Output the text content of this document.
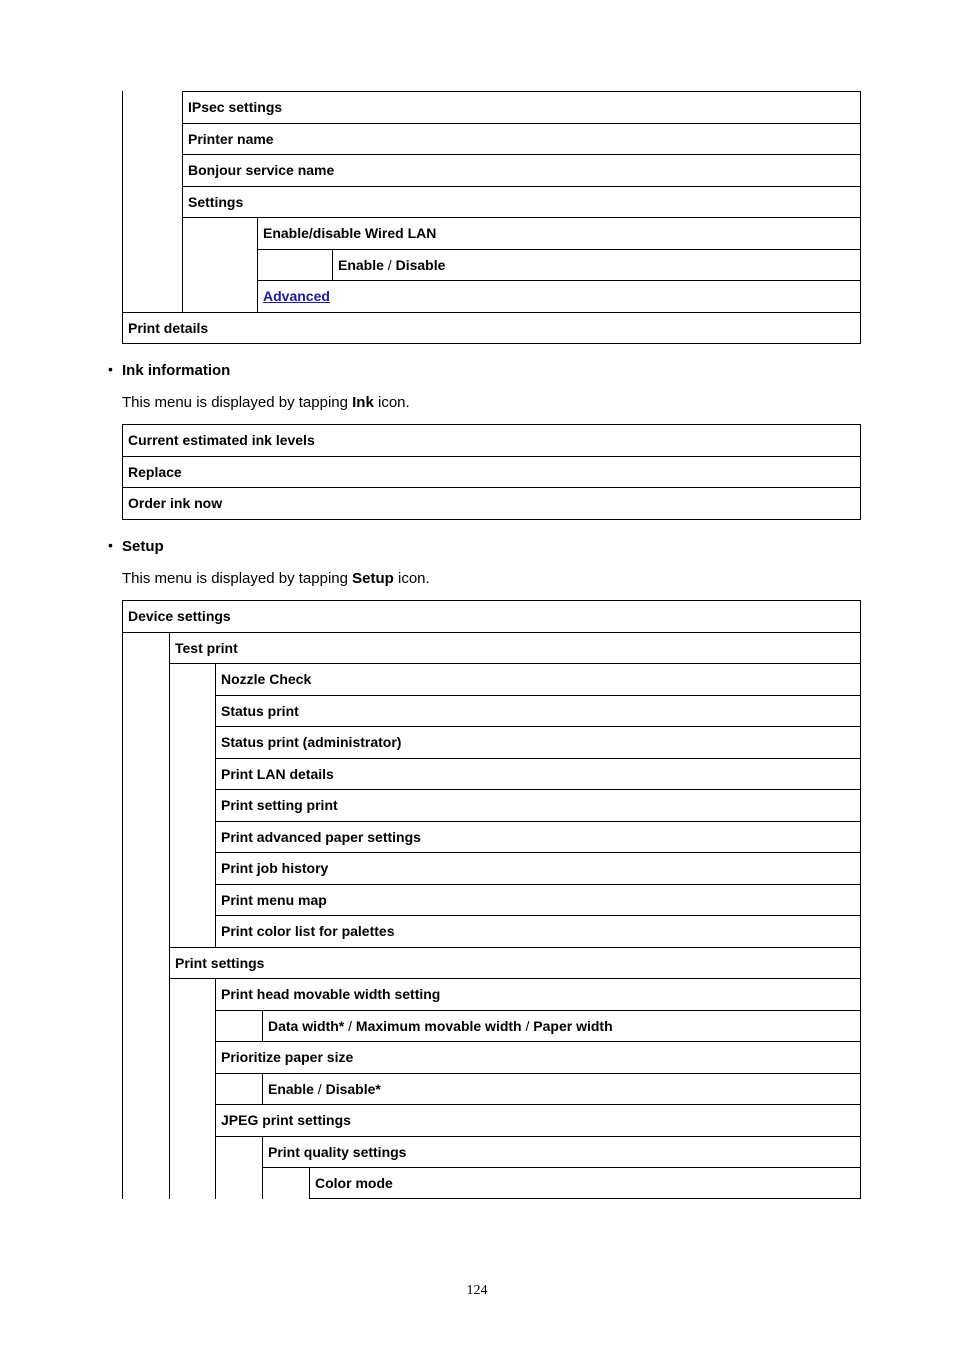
IPsec settings
Printer name
Bonjour service name
Settings
Enable/disable Wired LAN
Enable / Disable
Advanced
Print details
• Ink information
This menu is displayed by tapping Ink icon.
Current estimated ink levels
Replace
Order ink now
• Setup
This menu is displayed by tapping Setup icon.
Device settings
Test print
Nozzle Check
Status print
Status print (administrator)
Print LAN details
Print setting print
Print advanced paper settings
Print job history
Print menu map
Print color list for palettes
Print settings
Print head movable width setting
Data width* / Maximum movable width / Paper width
Prioritize paper size
Enable / Disable*
JPEG print settings
Print quality settings
Color mode
124
